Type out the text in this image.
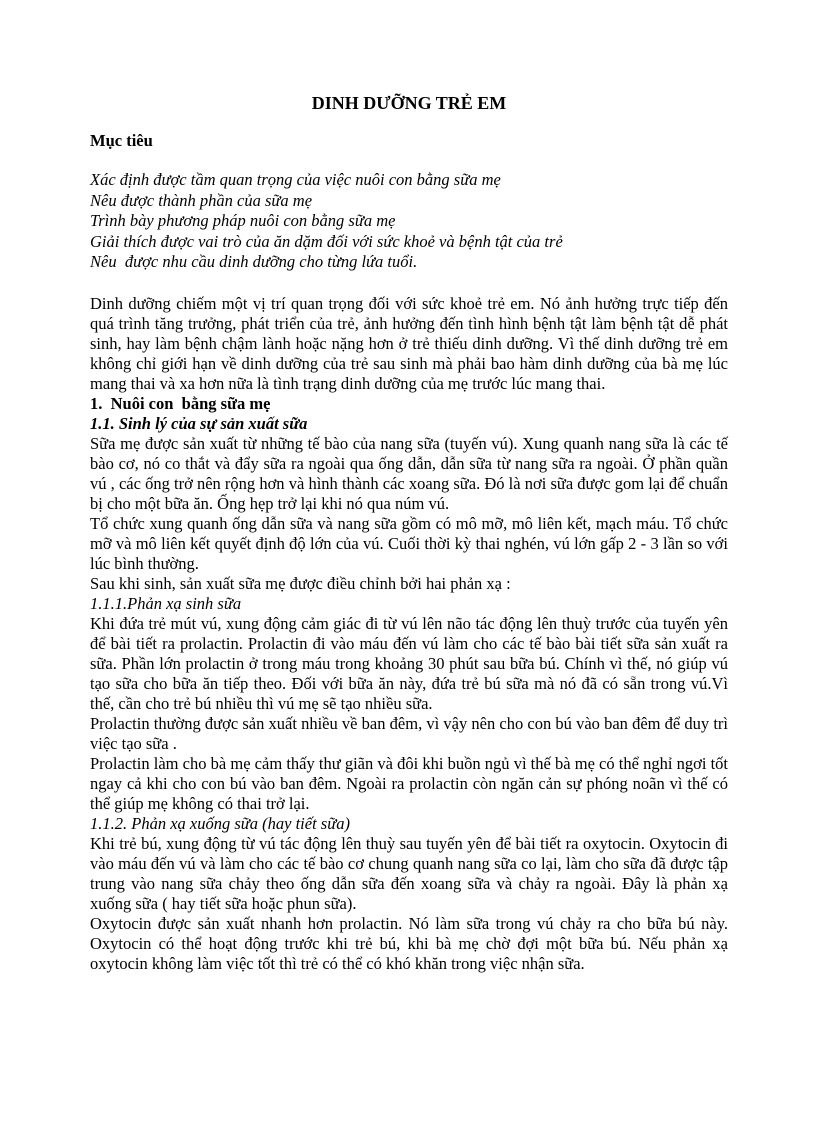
DINH DƯỠNG TRẺ EM
Mục tiêu
Xác định được tầm quan trọng của việc nuôi con bằng sữa mẹ
Nêu được thành phần của sữa mẹ
Trình bày phương pháp nuôi con bằng sữa mẹ
Giải thích được vai trò của ăn dặm đối với sức khoẻ và bệnh tật của trẻ
Nêu  được nhu cầu dinh dưỡng cho từng lứa tuổi.
Dinh dưỡng chiếm một vị trí quan trọng đối với sức khoẻ trẻ em. Nó ảnh hưởng trực tiếp đến quá trình tăng trưởng, phát triển của trẻ, ảnh hưởng đến tình hình bệnh tật làm bệnh tật dễ phát sinh, hay làm bệnh chậm lành hoặc nặng hơn ở trẻ thiếu dinh dưỡng. Vì thế dinh dưỡng trẻ em không chỉ giới hạn về dinh dưỡng của trẻ sau sinh mà phải bao hàm dinh dưỡng của bà mẹ lúc mang thai và xa hơn nữa là tình trạng dinh dưỡng của mẹ trước lúc mang thai.
1.  Nuôi con  bằng sữa mẹ
1.1. Sinh lý của sự sản xuất sữa
Sữa mẹ được sản xuất từ những tế bào của nang sữa (tuyến vú). Xung quanh nang sữa là các tế bào cơ, nó co thắt và đẩy sữa ra ngoài qua ống dẫn, dẫn sữa từ nang sữa ra ngoài. Ở phần quần vú , các ống trở nên rộng hơn và hình thành các xoang sữa. Đó là nơi sữa được gom lại để chuẩn bị cho một bữa ăn. Ống hẹp trở lại khi nó qua núm vú.
Tổ chức xung quanh ống dẫn sữa và nang sữa gồm có mô mỡ, mô liên kết, mạch máu. Tổ chức mỡ và mô liên kết quyết định độ lớn của vú. Cuối thời kỳ thai nghén, vú lớn gấp 2 - 3 lần so với lúc bình thường.
Sau khi sinh, sản xuất sữa mẹ được điều chỉnh bởi hai phản xạ :
1.1.1.Phản xạ sinh sữa
Khi đứa trẻ mút vú, xung động cảm giác đi từ vú lên não tác động lên thuỳ trước của tuyến yên để bài tiết ra prolactin. Prolactin đi vào máu đến vú làm cho các tế bào bài tiết sữa sản xuất ra sữa. Phần lớn prolactin ở trong máu trong khoảng 30 phút sau bữa bú. Chính vì thế, nó giúp vú tạo sữa cho bữa ăn tiếp theo. Đối với bữa ăn này, đứa trẻ bú sữa mà nó đã có sẵn trong vú.Vì thế, cần cho trẻ bú nhiều thì vú mẹ sẽ tạo nhiều sữa.
Prolactin thường được sản xuất nhiều về ban đêm, vì vậy nên cho con bú vào ban đêm để duy trì việc tạo sữa .
Prolactin làm cho bà mẹ cảm thấy thư giãn và đôi khi buồn ngủ vì thế bà mẹ có thể nghỉ ngơi tốt ngay cả khi cho con bú vào ban đêm. Ngoài ra prolactin còn ngăn cản sự phóng noãn vì thế có thể giúp mẹ không có thai trở lại.
1.1.2. Phản xạ xuống sữa (hay tiết sữa)
Khi trẻ bú, xung động từ vú tác động lên thuỳ sau tuyến yên để bài tiết ra oxytocin. Oxytocin đi vào máu đến vú và làm cho các tế bào cơ chung quanh nang sữa co lại, làm cho sữa đã được tập trung vào nang sữa chảy theo ống dẫn sữa đến xoang sữa và chảy ra ngoài. Đây là phản xạ xuống sữa ( hay tiết sữa hoặc phun sữa).
Oxytocin được sản xuất nhanh hơn prolactin. Nó làm sữa trong vú chảy ra cho bữa bú này. Oxytocin có thể hoạt động trước khi trẻ bú, khi bà mẹ chờ đợi một bữa bú. Nếu phản xạ oxytocin không làm việc tốt thì trẻ có thể có khó khăn trong việc nhận sữa.
